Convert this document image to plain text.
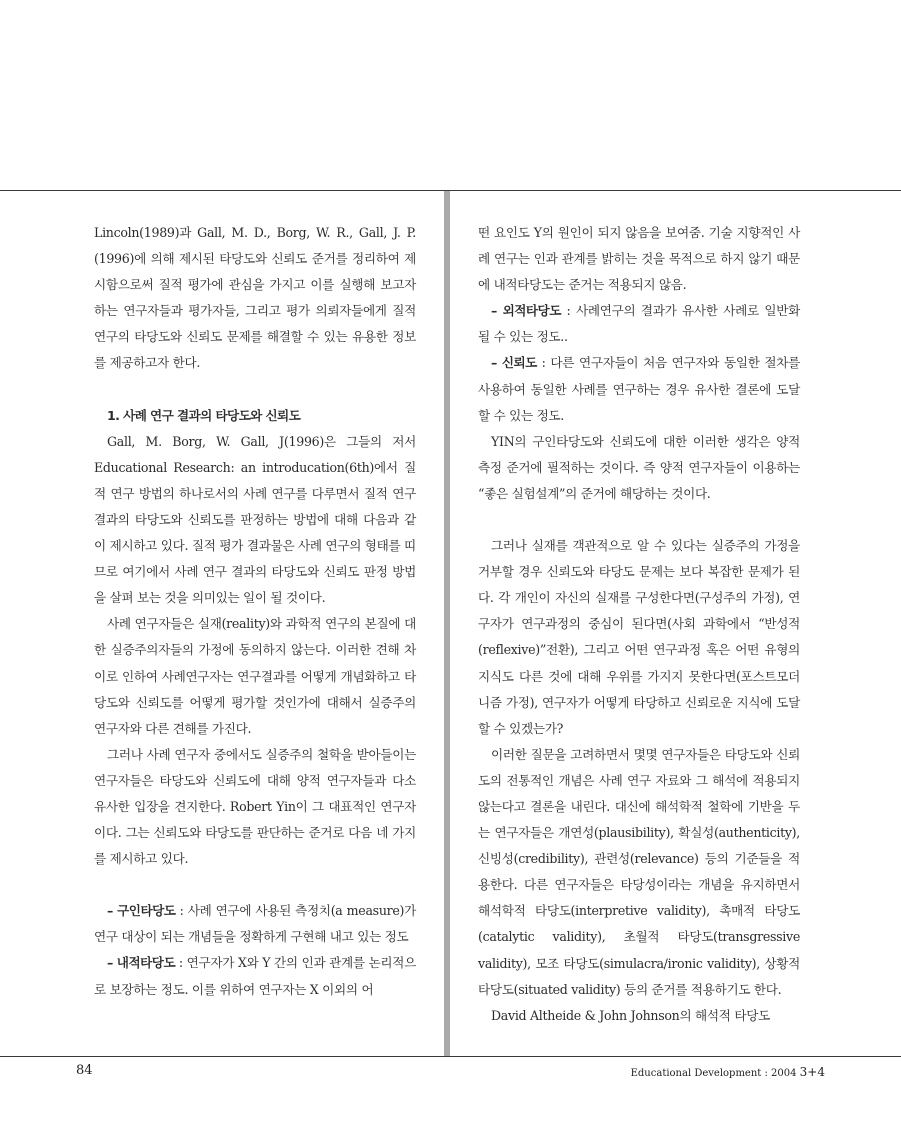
Lincoln(1989)과 Gall, M. D., Borg, W. R., Gall, J. P.(1996)에 의해 제시된 타당도와 신뢰도 준거를 정리하여 제시함으로써 질적 평가에 관심을 가지고 이를 실행해 보고자 하는 연구자들과 평가자들, 그리고 평가 의뢰자들에게 질적 연구의 타당도와 신뢰도 문제를 해결할 수 있는 유용한 정보를 제공하고자 한다.

1. 사례 연구 결과의 타당도와 신뢰도

Gall, M. Borg, W. Gall, J(1996)은 그들의 저서 Educational Research: an introducation(6th)에서 질적 연구 방법의 하나로서의 사례 연구를 다루면서 질적 연구 결과의 타당도와 신뢰도를 판정하는 방법에 대해 다음과 같이 제시하고 있다. 질적 평가 결과물은 사례 연구의 형태를 띠므로 여기에서 사례 연구 결과의 타당도와 신뢰도 판정 방법을 살펴 보는 것을 의미있는 일이 될 것이다.

사례 연구자들은 실재(reality)와 과학적 연구의 본질에 대한 실증주의자들의 가정에 동의하지 않는다. 이러한 견해 차이로 인하여 사례연구자는 연구결과를 어떻게 개념화하고 타당도와 신뢰도를 어떻게 평가할 것인가에 대해서 실증주의 연구자와 다른 견해를 가진다.

그러나 사례 연구자 중에서도 실증주의 철학을 받아들이는 연구자들은 타당도와 신뢰도에 대해 양적 연구자들과 다소 유사한 입장을 견지한다. Robert Yin이 그 대표적인 연구자이다. 그는 신뢰도와 타당도를 판단하는 준거로 다음 네 가지를 제시하고 있다.

– 구인타당도 : 사례 연구에 사용된 측정치(a measure)가 연구 대상이 되는 개념들을 정확하게 구현해 내고 있는 정도

– 내적타당도 : 연구자가 X와 Y 간의 인과 관계를 논리적으로 보장하는 정도. 이를 위하여 연구자는 X 이외의 어

떤 요인도 Y의 원인이 되지 않음을 보여줌. 기술 지향적인 사례 연구는 인과 관계를 밝히는 것을 목적으로 하지 않기 때문에 내적타당도는 준거는 적용되지 않음.

– 외적타당도 : 사례연구의 결과가 유사한 사례로 일반화 될 수 있는 정도..

– 신뢰도 : 다른 연구자들이 처음 연구자와 동일한 절차를 사용하여 동일한 사례를 연구하는 경우 유사한 결론에 도달할 수 있는 정도.

YIN의 구인타당도와 신뢰도에 대한 이러한 생각은 양적 측정 준거에 필적하는 것이다. 즉 양적 연구자들이 이용하는 “좋은 실험설계”의 준거에 해당하는 것이다.

그러나 실재를 객관적으로 알 수 있다는 실증주의 가정을 거부할 경우 신뢰도와 타당도 문제는 보다 복잡한 문제가 된다. 각 개인이 자신의 실재를 구성한다면(구성주의 가정), 연구자가 연구과정의 중심이 된다면(사회 과학에서 “반성적(reflexive)”전환), 그리고 어떤 연구과정 혹은 어떤 유형의 지식도 다른 것에 대해 우위를 가지지 못한다면(포스트모더니즘 가정), 연구자가 어떻게 타당하고 신뢰로운 지식에 도달할 수 있겠는가?

이러한 질문을 고려하면서 몇몇 연구자들은 타당도와 신뢰도의 전통적인 개념은 사례 연구 자료와 그 해석에 적용되지 않는다고 결론을 내린다. 대신에 해석학적 철학에 기반을 두는 연구자들은 개연성(plausibility), 확실성(authenticity), 신빙성(credibility), 관련성(relevance) 등의 기준들을 적용한다. 다른 연구자들은 타당성이라는 개념을 유지하면서 해석학적 타당도(interpretive validity), 촉매적 타당도(catalytic validity), 초월적 타당도(transgressive validity), 모조 타당도(simulacra/ironic validity), 상황적 타당도(situated validity) 등의 준거를 적용하기도 한다.

David Altheide & John Johnson의 해석적 타당도

84	Educational Development : 2004 3+4
